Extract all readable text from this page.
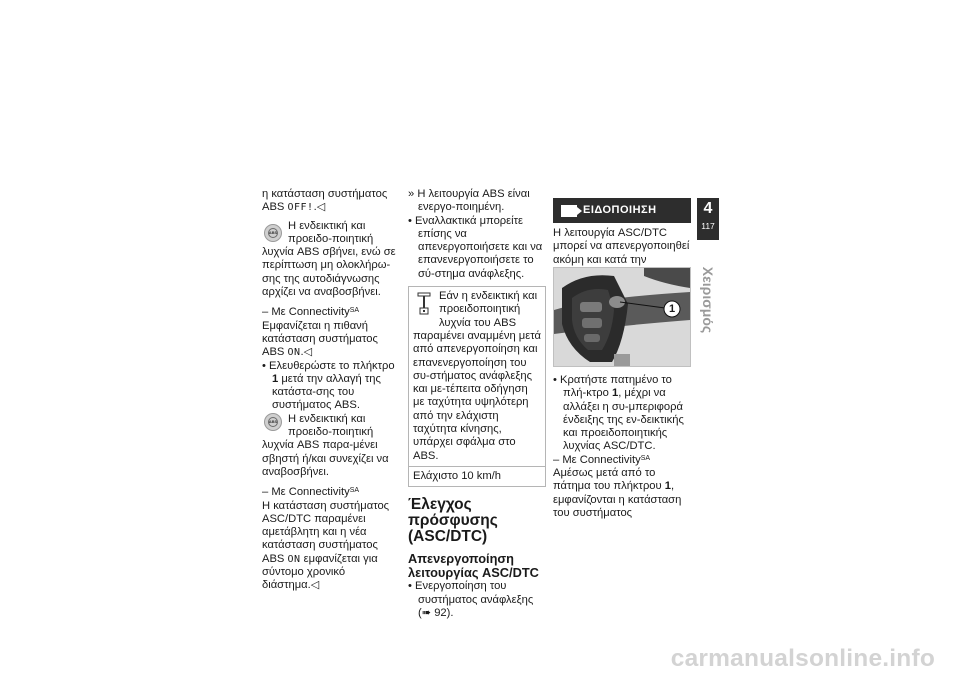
η κατάσταση συστήματος
ABS OFF!.◁

ABS
Η ενδεικτική και προειδο-ποιητική λυχνία ABS σβήνει, ενώ σε περίπτωση μη ολοκλήρω-σης της αυτοδιάγνωσης αρχίζει να αναβοσβήνει.

– Με Connectivity$^{SA}$

Εμφανίζεται η πιθανή κατάσταση συστήματος ABS ON.◁

• Ελευθερώστε το πλήκτρο 1 μετά την αλλαγή της κατάστα-σης του συστήματος ABS.

ABS Η ενδεικτική και προειδο-ποιητική λυχνία ABS παρα-μένει σβηστή ή/και συνεχίζει να αναβοσβήνει.

– Με Connectivity$^{SA}$

Η κατάσταση συστήματος ASC/DTC παραμένει αμετάβλητη και η νέα κατάσταση συστήματος ABS ON εμφανίζεται για σύντομο χρονικό διάστημα.◁

» Η λειτουργία ABS είναι ενεργο-ποιημένη.

• Εναλλακτικά μπορείτε επίσης να απενεργοποιήσετε και να επανενεργοποιήσετε το σύ-στημα ανάφλεξης.

Εάν η ενδεικτική και προειδοποιητική λυχνία του ABS παραμένει αναμμένη μετά από απενεργοποίηση και επανενεργοποίηση του συ-στήματος ανάφλεξης και με-τέπειτα οδήγηση με ταχύτητα υψηλότερη από την ελάχιστη ταχύτητα κίνησης, υπάρχει σφάλμα στο ABS.
Ελάχιστο 10 km/h
Έλεγχος πρόσφυσης (ASC/DTC)
Απενεργοποίηση λειτουργίας ASC/DTC

• Ενεργοποίηση του συστήματος ανάφλεξης (➠ 92).

ΕΙΔΟΠΟΙΗΣΗ

Η λειτουργία ASC/DTC μπορεί να απενεργοποιηθεί ακόμη και κατά την

1

• Κρατήστε πατημένο το πλή-κτρο 1, μέχρι να αλλάξει η συ-μπεριφορά ένδειξης της εν-δεικτικής και προειδοποιητικής λυχνίας ASC/DTC.

– Με Connectivity$^{SA}$

Αμέσως μετά από το πάτημα του πλήκτρου 1, εμφανίζονται η κατάσταση του συστήματος

4
117
Χειρισμός
carmanualsonline.info
